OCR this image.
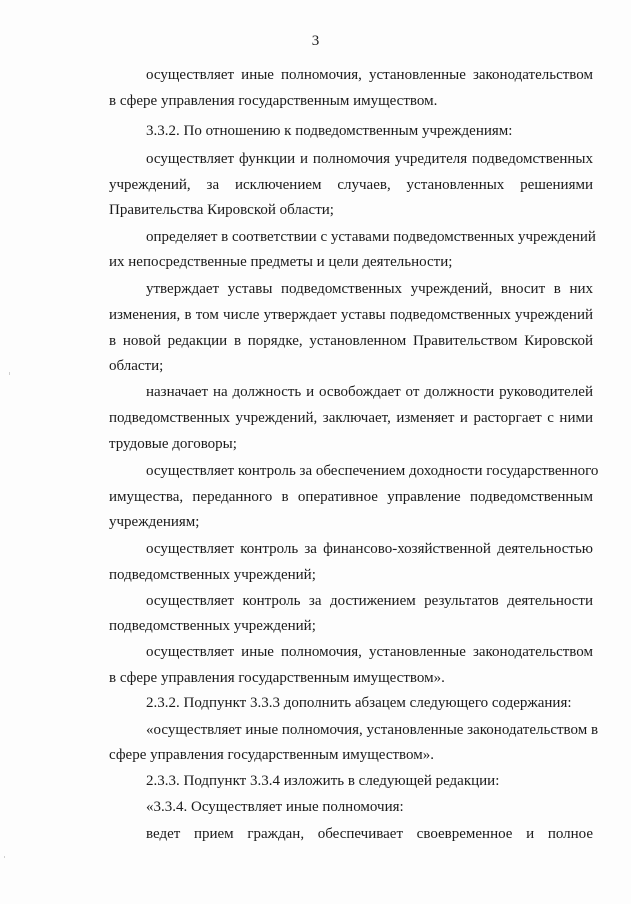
3
осуществляет иные полномочия, установленные законодательством
в сфере управления государственным имуществом.
3.3.2. По отношению к подведомственным учреждениям:
осуществляет функции и полномочия учредителя подведомственных
учреждений, за исключением случаев, установленных решениями
Правительства Кировской области;
определяет в соответствии с уставами подведомственных учреждений
их непосредственные предметы и цели деятельности;
утверждает уставы подведомственных учреждений, вносит в них
изменения, в том числе утверждает уставы подведомственных учреждений
в новой редакции в порядке, установленном Правительством Кировской
области;
назначает на должность и освобождает от должности руководителей
подведомственных учреждений, заключает, изменяет и расторгает с ними
трудовые договоры;
осуществляет контроль за обеспечением доходности государственного
имущества, переданного в оперативное управление подведомственным
учреждениям;
осуществляет контроль за финансово-хозяйственной деятельностью
подведомственных учреждений;
осуществляет контроль за достижением результатов деятельности
подведомственных учреждений;
осуществляет иные полномочия, установленные законодательством
в сфере управления государственным имуществом».
2.3.2. Подпункт 3.3.3 дополнить абзацем следующего содержания:
«осуществляет иные полномочия, установленные законодательством в
сфере управления государственным имуществом».
2.3.3. Подпункт 3.3.4 изложить в следующей редакции:
«3.3.4. Осуществляет иные полномочия:
ведет прием граждан, обеспечивает своевременное и полное
